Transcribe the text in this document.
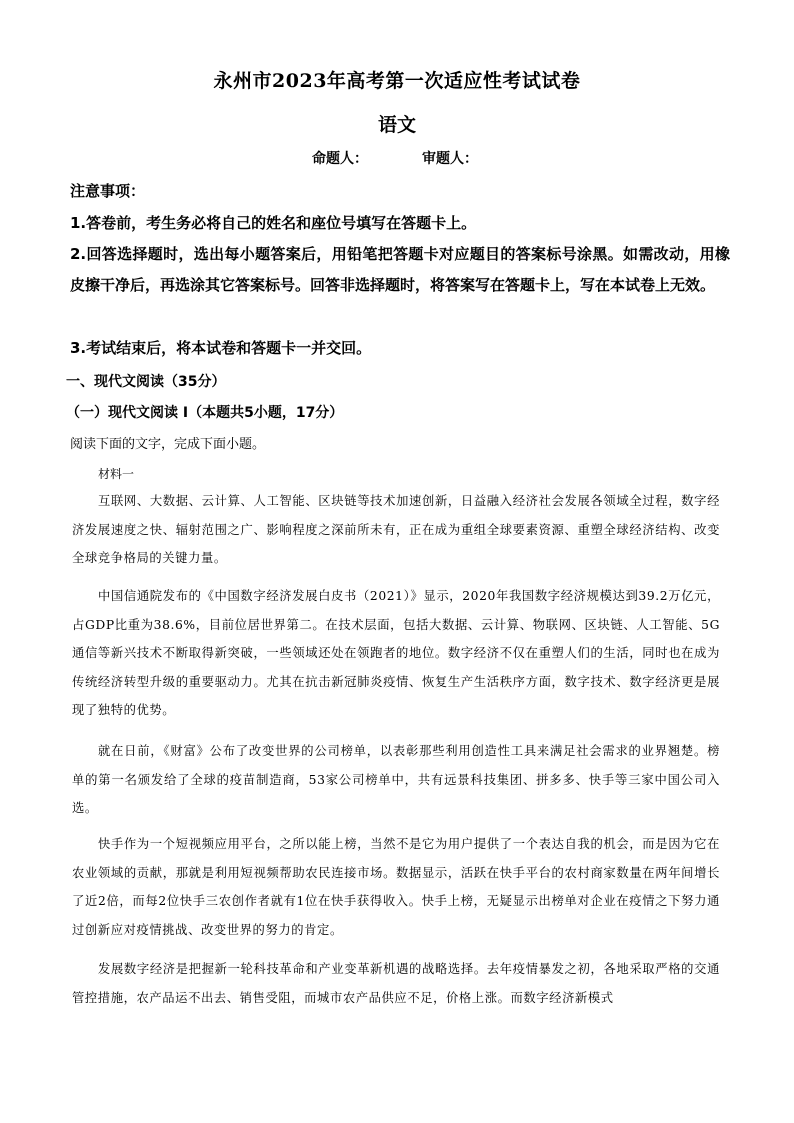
永州市2023年高考第一次适应性考试试卷
语文
命题人：	审题人：
注意事项：
1.答卷前，考生务必将自己的姓名和座位号填写在答题卡上。
2.回答选择题时，选出每小题答案后，用铅笔把答题卡对应题目的答案标号涂黑。如需改动，用橡皮擦干净后，再选涂其它答案标号。回答非选择题时，将答案写在答题卡上，写在本试卷上无效。
3.考试结束后，将本试卷和答题卡一并交回。
一、现代文阅读（35分）
（一）现代文阅读 I（本题共5小题，17分）
阅读下面的文字，完成下面小题。
材料一
互联网、大数据、云计算、人工智能、区块链等技术加速创新，日益融入经济社会发展各领域全过程，数字经济发展速度之快、辐射范围之广、影响程度之深前所未有，正在成为重组全球要素资源、重塑全球经济结构、改变全球竞争格局的关键力量。
中国信通院发布的《中国数字经济发展白皮书（2021）》显示，2020年我国数字经济规模达到39.2万亿元，占GDP比重为38.6%，目前位居世界第二。在技术层面，包括大数据、云计算、物联网、区块链、人工智能、5G通信等新兴技术不断取得新突破，一些领域还处在领跑者的地位。数字经济不仅在重塑人们的生活，同时也在成为传统经济转型升级的重要驱动力。尤其在抗击新冠肺炎疫情、恢复生产生活秩序方面，数字技术、数字经济更是展现了独特的优势。
就在日前，《财富》公布了改变世界的公司榜单，以表彰那些利用创造性工具来满足社会需求的业界翘楚。榜单的第一名颁发给了全球的疫苗制造商，53家公司榜单中，共有远景科技集团、拼多多、快手等三家中国公司入选。
快手作为一个短视频应用平台，之所以能上榜，当然不是它为用户提供了一个表达自我的机会，而是因为它在农业领域的贡献，那就是利用短视频帮助农民连接市场。数据显示，活跃在快手平台的农村商家数量在两年间增长了近2倍，而每2位快手三农创作者就有1位在快手获得收入。快手上榜，无疑显示出榜单对企业在疫情之下努力通过创新应对疫情挑战、改变世界的努力的肯定。
发展数字经济是把握新一轮科技革命和产业变革新机遇的战略选择。去年疫情暴发之初，各地采取严格的交通管控措施，农产品运不出去、销售受阻，而城市农产品供应不足，价格上涨。而数字经济新模式
